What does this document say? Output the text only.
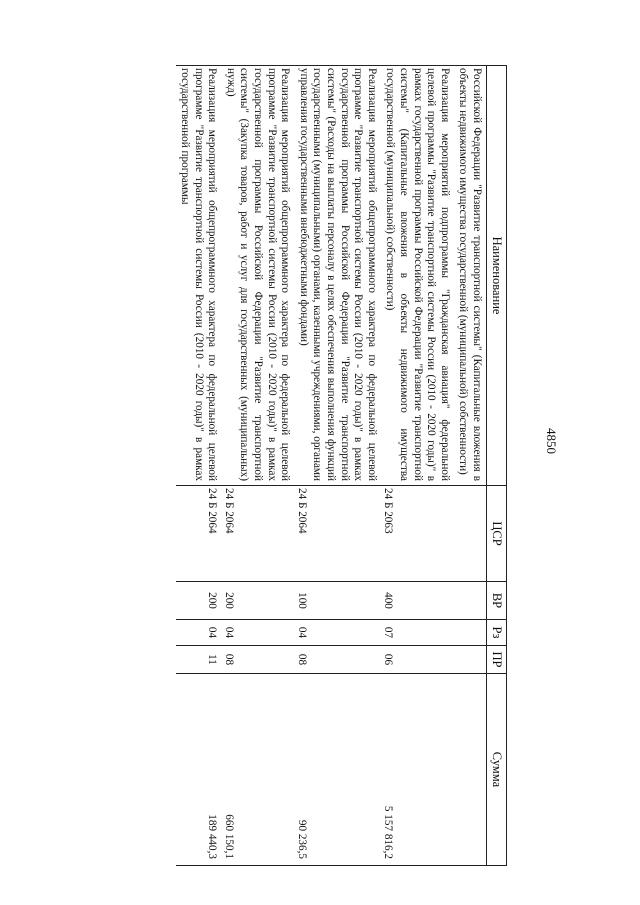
4850
Наименование	ЦСР	ВР	Рз	ПР	Сумма
Российской Федерации "Развитие транспортной системы" (Капитальные вложения в объекты недвижимого имущества государственной (муниципальной) собственности)					
Реализация мероприятий подпрограммы "Гражданская авиация" федеральной целевой программы "Развитие транспортной системы России (2010 - 2020 годы)" в рамках государственной программы Российской Федерации "Развитие транспортной системы" (Капитальные вложения в объекты недвижимого имущества государственной (муниципальной) собственности)	24 Б 2063	400	07	06	5 157 816,2
Реализация мероприятий общепрограммного характера по федеральной целевой программе "Развитие транспортной системы России (2010 - 2020 годы)" в рамках государственной программы Российской Федерации "Развитие транспортной системы" (Расходы на выплаты персоналу в целях обеспечения выполнения функций государственными (муниципальными) органами, казенными учреждениями, органами управления государственными внебюджетными фондами)	24 Б 2064	100	04	08	90 236,5
Реализация мероприятий общепрограммного характера по федеральной целевой программе "Развитие транспортной системы России (2010 - 2020 годы)" в рамках государственной программы Российской Федерации "Развитие транспортной системы" (Закупка товаров, работ и услуг для государственных (муниципальных) нужд)	24 Б 2064	200	04	08	660 150,1
Реализация мероприятий общепрограммного характера по федеральной целевой программе "Развитие транспортной системы России (2010 - 2020 годы)" в рамках государственной программы	24 Б 2064	200	04	11	189 440,3
